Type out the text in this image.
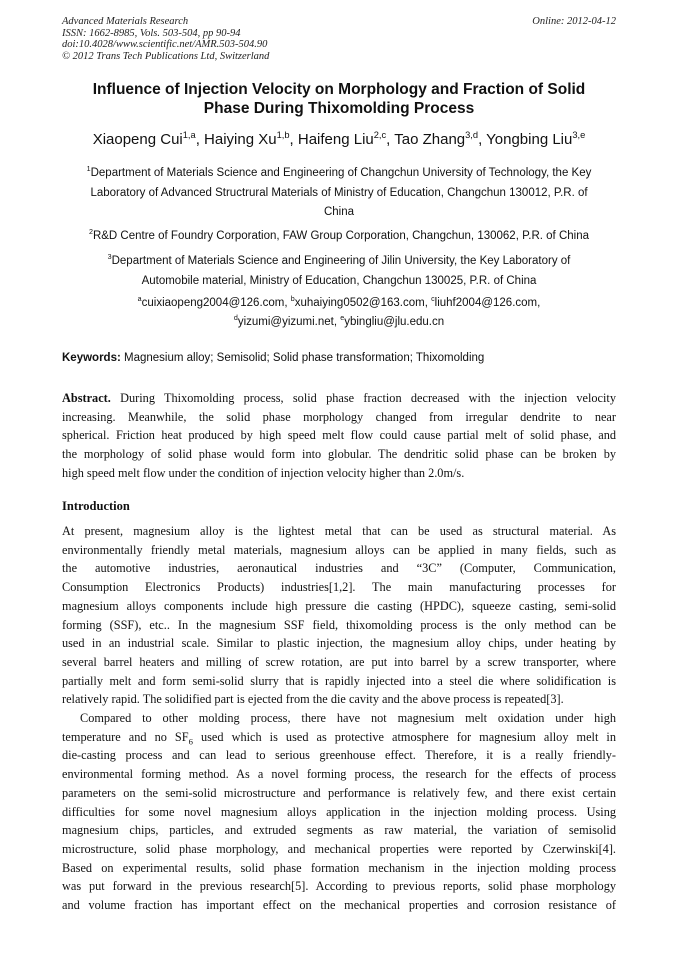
Advanced Materials Research
ISSN: 1662-8985, Vols. 503-504, pp 90-94
doi:10.4028/www.scientific.net/AMR.503-504.90
© 2012 Trans Tech Publications Ltd, Switzerland
Online: 2012-04-12
Influence of Injection Velocity on Morphology and Fraction of Solid
Phase During Thixomolding Process
Xiaopeng Cui$^{1,a}$, Haiying Xu$^{1,b}$, Haifeng Liu$^{2,c}$, Tao Zhang$^{3,d}$, Yongbing Liu$^{3,e}$
$^1$Department of Materials Science and Engineering of Changchun University of Technology, the Key
Laboratory of Advanced Structrural Materials of Ministry of Education, Changchun 130012, P.R. of
China
$^2$R&D Centre of Foundry Corporation, FAW Group Corporation, Changchun, 130062, P.R. of China
$^3$Department of Materials Science and Engineering of Jilin University, the Key Laboratory of
Automobile material, Ministry of Education, Changchun 130025, P.R. of China
$^a$cuixiaopeng2004@126.com, $^b$xuhaiying0502@163.com, $^c$liuhf2004@126.com,
$^d$yizumi@yizumi.net, $^e$ybingliu@jlu.edu.cn
Keywords: Magnesium alloy; Semisolid; Solid phase transformation; Thixomolding
Abstract. During Thixomolding process, solid phase fraction decreased with the injection velocity
increasing. Meanwhile, the solid phase morphology changed from irregular dendrite to near
spherical. Friction heat produced by high speed melt flow could cause partial melt of solid phase, and
the morphology of solid phase would form into globular. The dendritic solid phase can be broken by
high speed melt flow under the condition of injection velocity higher than 2.0m/s.
Introduction
At present, magnesium alloy is the lightest metal that can be used as structural material. As
environmentally friendly metal materials, magnesium alloys can be applied in many fields, such as
the automotive industries, aeronautical industries and “3C” (Computer, Communication,
Consumption Electronics Products) industries[1,2]. The main manufacturing processes for
magnesium alloys components include high pressure die casting (HPDC), squeeze casting, semi-solid
forming (SSF), etc.. In the magnesium SSF field, thixomolding process is the only method can be
used in an industrial scale. Similar to plastic injection, the magnesium alloy chips, under heating by
several barrel heaters and milling of screw rotation, are put into barrel by a screw transporter, where
partially melt and form semi-solid slurry that is rapidly injected into a steel die where solidification is
relatively rapid. The solidified part is ejected from the die cavity and the above process is repeated[3].
Compared to other molding process, there have not magnesium melt oxidation under high
temperature and no $SF_6$ used which is used as protective atmosphere for magnesium alloy melt in
die-casting process and can lead to serious greenhouse effect. Therefore, it is a really friendly-
environmental forming method. As a novel forming process, the research for the effects of process
parameters on the semi-solid microstructure and performance is relatively few, and there exist certain
difficulties for some novel magnesium alloys application in the injection molding process. Using
magnesium chips, particles, and extruded segments as raw material, the variation of semisolid
microstructure, solid phase morphology, and mechanical properties were reported by Czerwinski[4].
Based on experimental results, solid phase formation mechanism in the injection molding process
was put forward in the previous research[5]. According to previous reports, solid phase morphology
and volume fraction has important effect on the mechanical properties and corrosion resistance of
